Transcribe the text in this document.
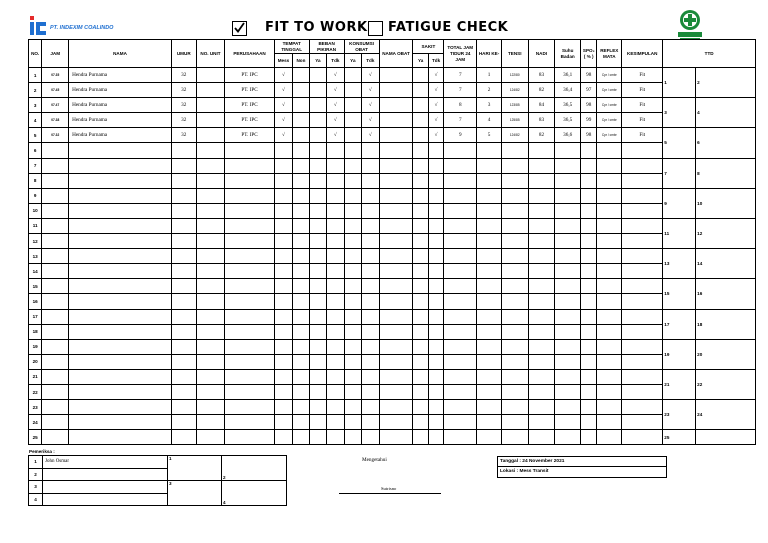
PT. INDEXIM COALINDO	FIT TO WORK FATIGUE CHECK
NO.	JAM	NAMA	UMUR	NO. UNIT	PERUSAHAAN	TEMPAT TINGGAL		BEBAN PIKIRAN		KONSUMSI OBAT		NAMA OBAT	SAKIT		TOTAL JAM TIDUR 24 JAM	HARI KE-	TENSI	NADI	Suhu Badan	SPO₂ ( % )	REFLEX MATA	KESIMPULAN	TTD	
						Mess	Non	Ya	Tdk	Ya	Tdk		Ya	Tdk										
1	07.35	Hendra Purnama	32		PT. IPC	√			√		√			√	7	1	122/80	83	36,1	98	Cpr / cmbr	Fit	1	2
2	07.45	Hendra Purnama	32		PT. IPC	√			√		√			√	7	2	124/82	82	36,4	97	Cpr / cmbr	Fit		
3	07.47	Hendra Purnama	32		PT. IPC	√			√		√			√	8	3	123/85	84	36,5	98	Cpr / cmbr	Fit	3	4
4	07.38	Hendra Purnama	32		PT. IPC	√			√		√			√	7	4	125/85	83	36,5	99	Cpr / cmbr	Fit		
5	07.32	Hendra Purnama	32		PT. IPC	√			√		√			√	9	5	124/82	82	36,6	98	Cpr / cmbr	Fit	5	6
6																								
7																							7	8
8																								
9																							9	10
10																								
11																							11	12
12																								
13																							13	14
14																								
15																							15	16
16																								
17																							17	18
18																								
19																							19	20
20																								
21																							21	22
22																								
23																							23	24
24																								
25																							25	
Pemeriksa :
1	John Osmar
2	
3	
4	
1	2
3	4
Mengetahui
Sutrisno
Tanggal : 24 November 2021
Lokasi : Mess Transit
